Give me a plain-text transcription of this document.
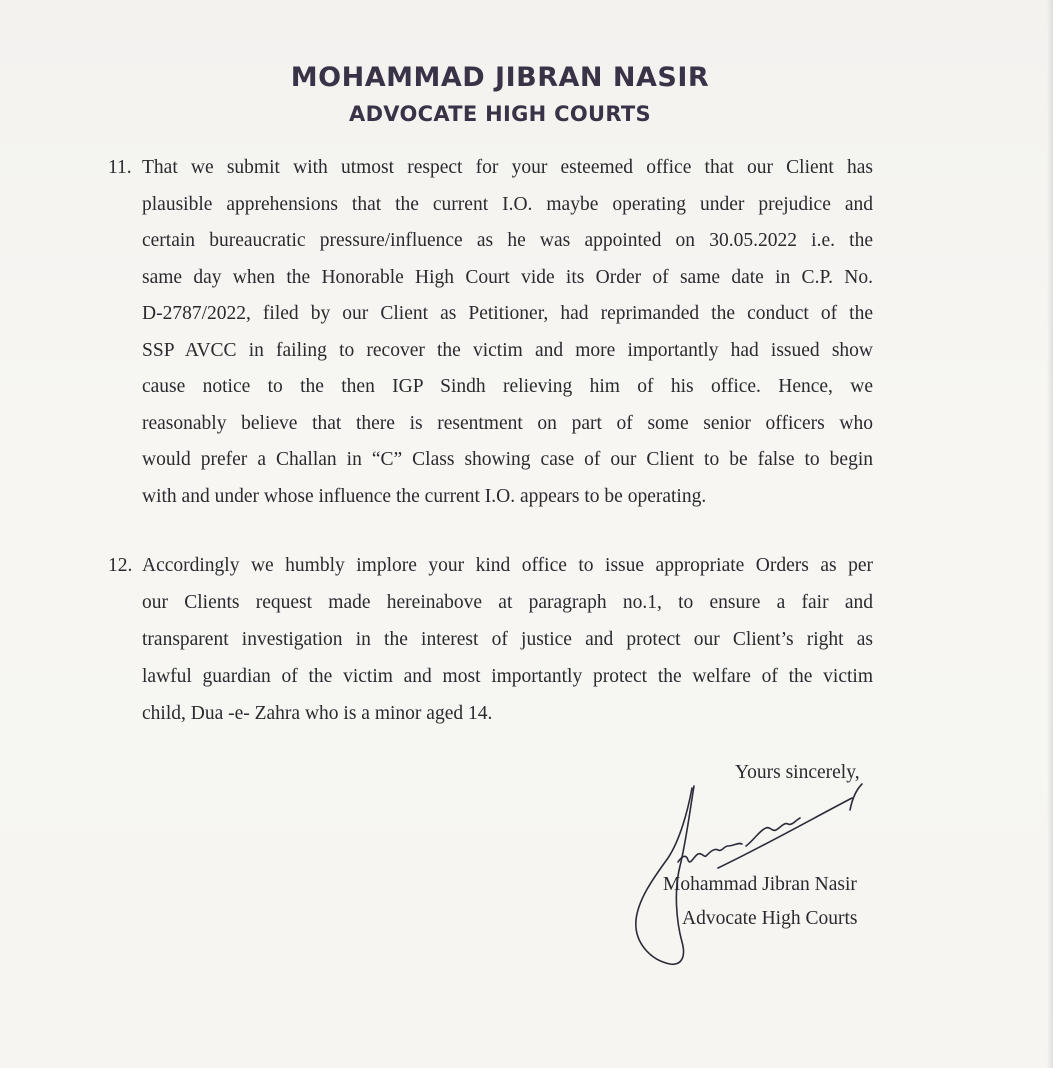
MOHAMMAD JIBRAN NASIR
ADVOCATE HIGH COURTS
11. That we submit with utmost respect for your esteemed office that our Client has
plausible apprehensions that the current I.O. maybe operating under prejudice and
certain bureaucratic pressure/influence as he was appointed on 30.05.2022 i.e. the
same day when the Honorable High Court vide its Order of same date in C.P. No.
D-2787/2022, filed by our Client as Petitioner, had reprimanded the conduct of the
SSP AVCC in failing to recover the victim and more importantly had issued show
cause notice to the then IGP Sindh relieving him of his office. Hence, we
reasonably believe that there is resentment on part of some senior officers who
would prefer a Challan in “C” Class showing case of our Client to be false to begin
with and under whose influence the current I.O. appears to be operating.
12. Accordingly we humbly implore your kind office to issue appropriate Orders as per
our Clients request made hereinabove at paragraph no.1, to ensure a fair and
transparent investigation in the interest of justice and protect our Client’s right as
lawful guardian of the victim and most importantly protect the welfare of the victim
child, Dua -e- Zahra who is a minor aged 14.
Yours sincerely,
Mohammad Jibran Nasir
Advocate High Courts
